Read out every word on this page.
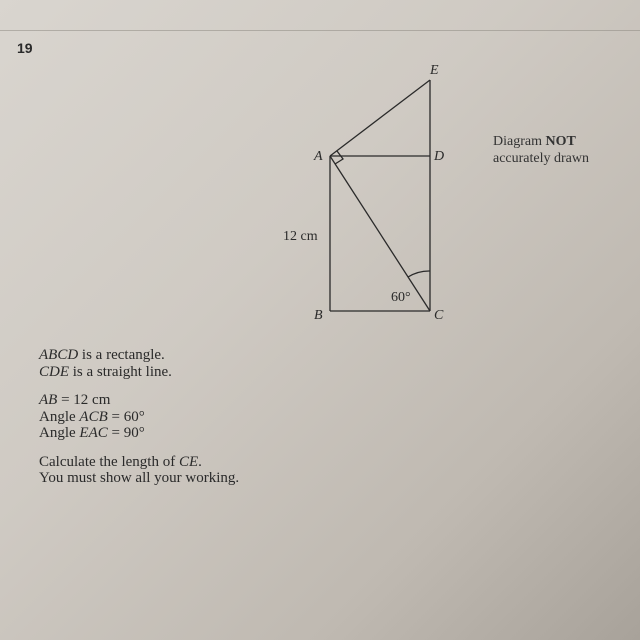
19
A
B	C
D
E
12 cm
60°
Diagram NOT
accurately drawn
ABCD is a rectangle.
CDE is a straight line.
AB = 12 cm
Angle ACB = 60°
Angle EAC = 90°
Calculate the length of CE.
You must show all your working.
